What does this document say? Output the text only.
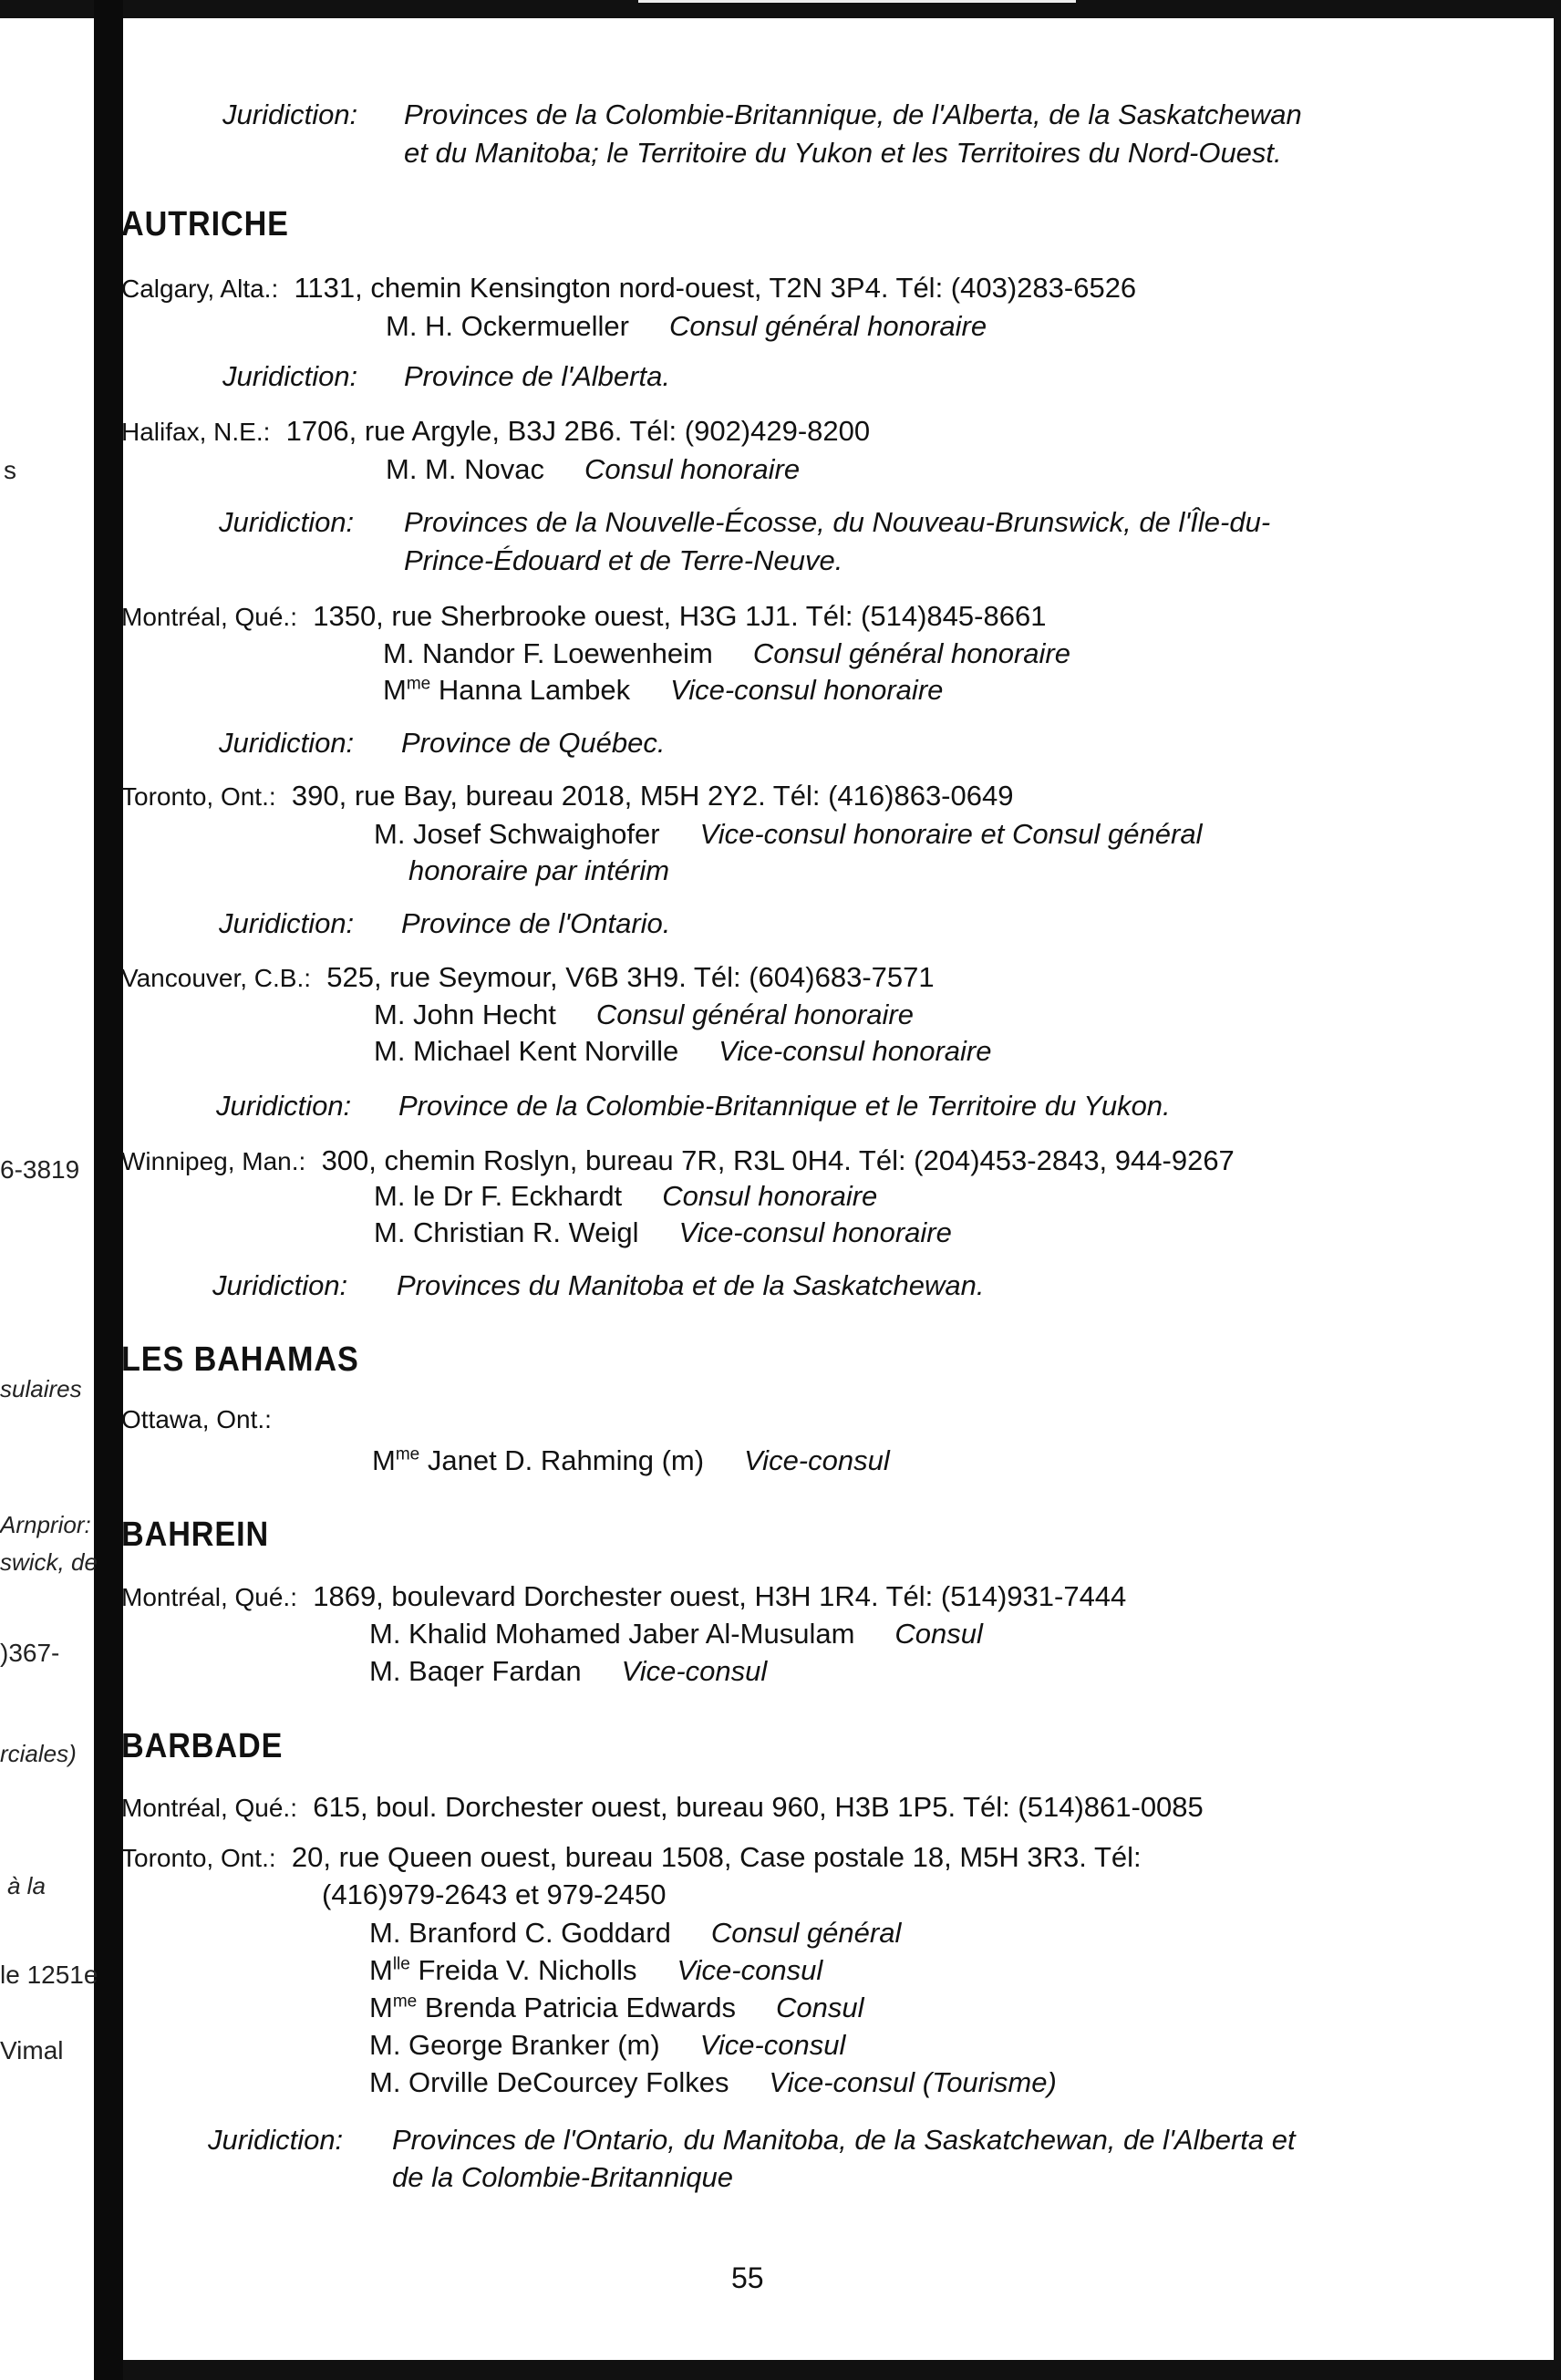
s
6-3819
sulaires
Arnprior:
swick, de
)367-
rciales)
à la
le 1251e
Vimal
Juridiction: Provinces de la Colombie-Britannique, de l'Alberta, de la Saskatchewan
et du Manitoba; le Territoire du Yukon et les Territoires du Nord-Ouest.
AUTRICHE
Calgary, Alta.: 1131, chemin Kensington nord-ouest, T2N 3P4. Tél: (403)283-6526
M. H. Ockermueller Consul général honoraire
Juridiction: Province de l'Alberta.
Halifax, N.E.: 1706, rue Argyle, B3J 2B6. Tél: (902)429-8200
M. M. Novac Consul honoraire
Juridiction: Provinces de la Nouvelle-Écosse, du Nouveau-Brunswick, de l'Île-du-
Prince-Édouard et de Terre-Neuve.
Montréal, Qué.: 1350, rue Sherbrooke ouest, H3G 1J1. Tél: (514)845-8661
M. Nandor F. Loewenheim Consul général honoraire
$M^{me}$ Hanna Lambek Vice-consul honoraire
Juridiction: Province de Québec.
Toronto, Ont.: 390, rue Bay, bureau 2018, M5H 2Y2. Tél: (416)863-0649
M. Josef Schwaighofer Vice-consul honoraire et Consul général
honoraire par intérim
Juridiction: Province de l'Ontario.
Vancouver, C.B.: 525, rue Seymour, V6B 3H9. Tél: (604)683-7571
M. John Hecht Consul général honoraire
M. Michael Kent Norville Vice-consul honoraire
Juridiction: Province de la Colombie-Britannique et le Territoire du Yukon.
Winnipeg, Man.: 300, chemin Roslyn, bureau 7R, R3L 0H4. Tél: (204)453-2843, 944-9267
M. le Dr F. Eckhardt Consul honoraire
M. Christian R. Weigl Vice-consul honoraire
Juridiction: Provinces du Manitoba et de la Saskatchewan.
LES BAHAMAS
Ottawa, Ont.:
$M^{me}$ Janet D. Rahming (m) Vice-consul
BAHREIN
Montréal, Qué.: 1869, boulevard Dorchester ouest, H3H 1R4. Tél: (514)931-7444
M. Khalid Mohamed Jaber Al-Musulam Consul
M. Baqer Fardan Vice-consul
BARBADE
Montréal, Qué.: 615, boul. Dorchester ouest, bureau 960, H3B 1P5. Tél: (514)861-0085
Toronto, Ont.: 20, rue Queen ouest, bureau 1508, Case postale 18, M5H 3R3. Tél:
(416)979-2643 et 979-2450
M. Branford C. Goddard Consul général
$M^{lle}$ Freida V. Nicholls Vice-consul
$M^{me}$ Brenda Patricia Edwards Consul
M. George Branker (m) Vice-consul
M. Orville DeCourcey Folkes Vice-consul (Tourisme)
Juridiction: Provinces de l'Ontario, du Manitoba, de la Saskatchewan, de l'Alberta et
de la Colombie-Britannique
55
